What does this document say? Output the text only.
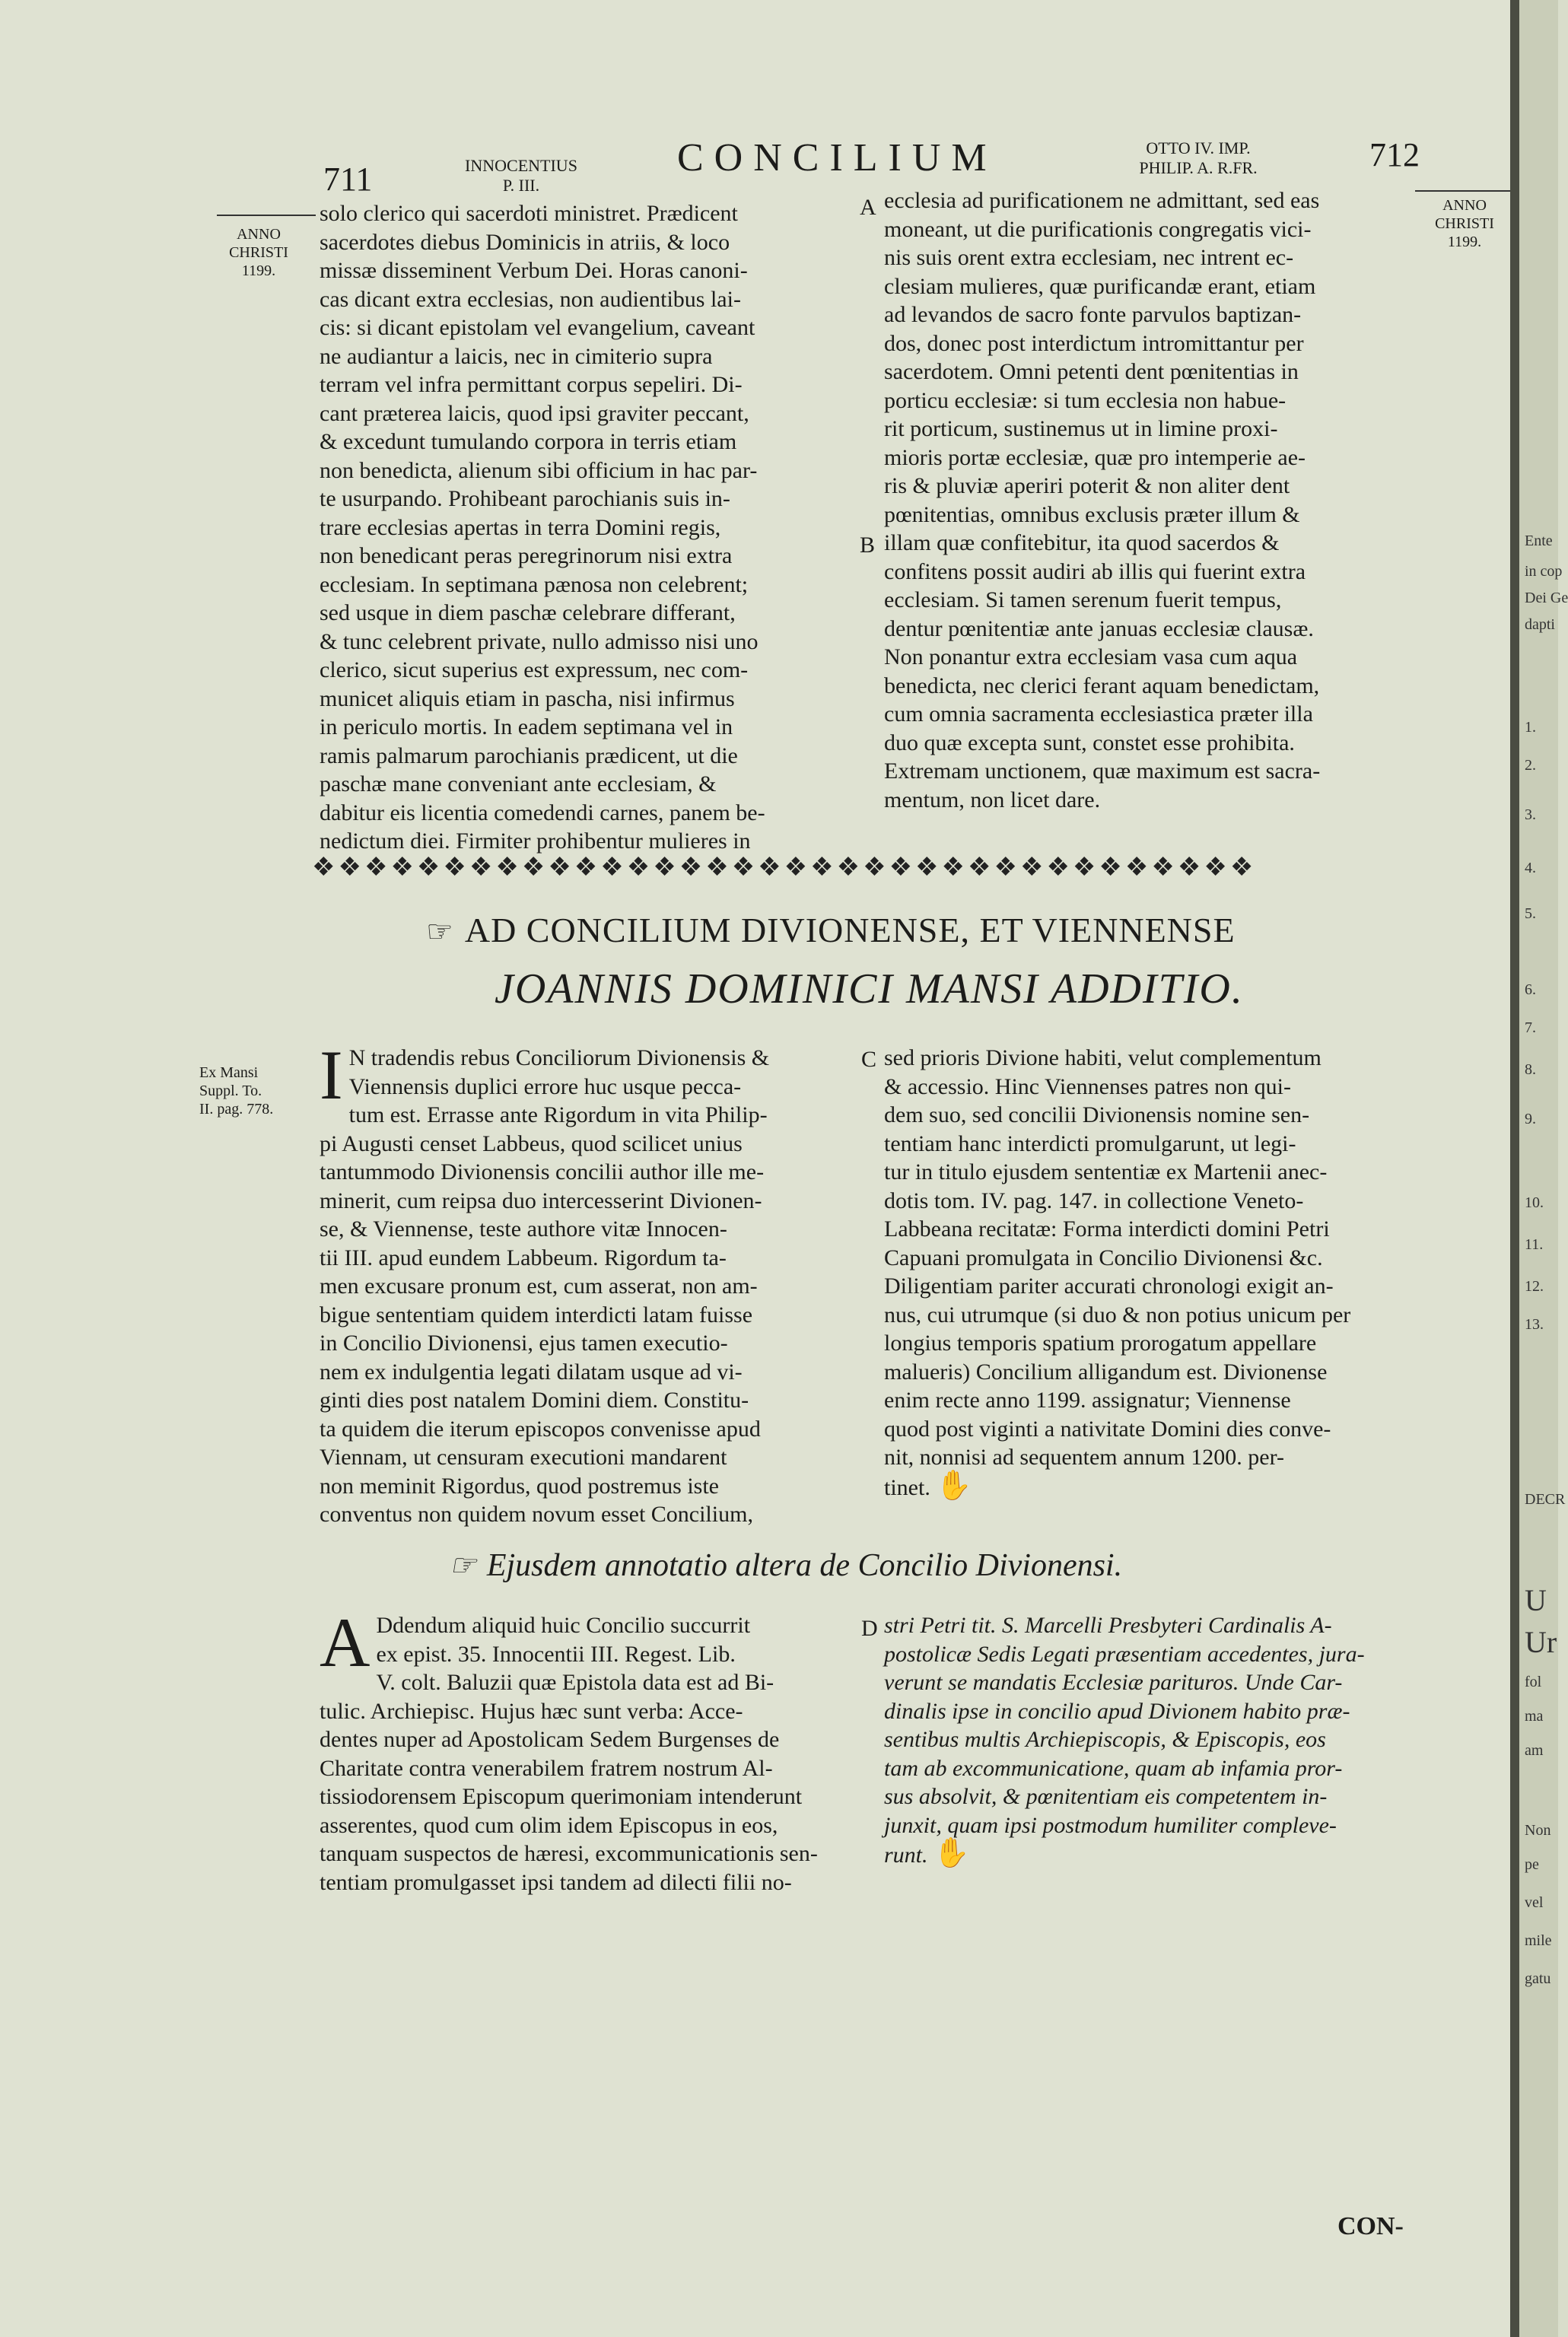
711	INNOCENTIUS
P. III.
CONCILIUM	OTTO IV. IMP.
PHILIP. A. R.FR.	712
ANNO
CHRISTI
1199.
ANNO
CHRISTI
1199.
solo clerico qui sacerdoti ministret. Prædicent
sacerdotes diebus Dominicis in atriis, & loco
missæ disseminent Verbum Dei. Horas canoni-
cas dicant extra ecclesias, non audientibus lai-
cis: si dicant epistolam vel evangelium, caveant
ne audiantur a laicis, nec in cimiterio supra
terram vel infra permittant corpus sepeliri. Di-
cant præterea laicis, quod ipsi graviter peccant,
& excedunt tumulando corpora in terris etiam
non benedicta, alienum sibi officium in hac par-
te usurpando. Prohibeant parochianis suis in-
trare ecclesias apertas in terra Domini regis,
non benedicant peras peregrinorum nisi extra
ecclesiam. In septimana pænosa non celebrent;
sed usque in diem paschæ celebrare differant,
& tunc celebrent private, nullo admisso nisi uno
clerico, sicut superius est expressum, nec com-
municet aliquis etiam in pascha, nisi infirmus
in periculo mortis. In eadem septimana vel in
ramis palmarum parochianis prædicent, ut die
paschæ mane conveniant ante ecclesiam, &
dabitur eis licentia comedendi carnes, panem be-
nedictum diei. Firmiter prohibentur mulieres in
ecclesia ad purificationem ne admittant, sed eas
moneant, ut die purificationis congregatis vici-
nis suis orent extra ecclesiam, nec intrent ec-
clesiam mulieres, quæ purificandæ erant, etiam
ad levandos de sacro fonte parvulos baptizan-
dos, donec post interdictum intromittantur per
sacerdotem. Omni petenti dent pœnitentias in
porticu ecclesiæ: si tum ecclesia non habue-
rit porticum, sustinemus ut in limine proxi-
mioris portæ ecclesiæ, quæ pro intemperie ae-
ris & pluviæ aperiri poterit & non aliter dent
pœnitentias, omnibus exclusis præter illum &
illam quæ confitebitur, ita quod sacerdos &
confitens possit audiri ab illis qui fuerint extra
ecclesiam. Si tamen serenum fuerit tempus,
dentur pœnitentiæ ante januas ecclesiæ clausæ.
Non ponantur extra ecclesiam vasa cum aqua
benedicta, nec clerici ferant aquam benedictam,
cum omnia sacramenta ecclesiastica præter illa
duo quæ excepta sunt, constet esse prohibita.
Extremam unctionem, quæ maximum est sacra-
mentum, non licet dare.
A
B
❖❖❖❖❖❖❖❖❖❖❖❖❖❖❖❖❖❖❖❖❖❖❖❖❖❖❖❖❖❖❖❖❖❖❖❖
☞ AD CONCILIUM DIVIONENSE, ET VIENNENSE
JOANNIS DOMINICI MANSI ADDITIO.
Ex Mansi
Suppl. To.
II. pag. 778. I N tradendis rebus Conciliorum Divionensis &
Viennensis duplici errore huc usque pecca-
tum est. Errasse ante Rigordum in vita Philip-
pi Augusti censet Labbeus, quod scilicet unius
tantummodo Divionensis concilii author ille me-
minerit, cum reipsa duo intercesserint Divionen-
se, & Viennense, teste authore vitæ Innocen-
tii III. apud eundem Labbeum. Rigordum ta-
men excusare pronum est, cum asserat, non am-
bigue sententiam quidem interdicti latam fuisse
in Concilio Divionensi, ejus tamen executio-
nem ex indulgentia legati dilatam usque ad vi-
ginti dies post natalem Domini diem. Constitu-
ta quidem die iterum episcopos convenisse apud
Viennam, ut censuram executioni mandarent
non meminit Rigordus, quod postremus iste
conventus non quidem novum esset Concilium,
C sed prioris Divione habiti, velut complementum
& accessio. Hinc Viennenses patres non qui-
dem suo, sed concilii Divionensis nomine sen-
tentiam hanc interdicti promulgarunt, ut legi-
tur in titulo ejusdem sententiæ ex Martenii anec-
dotis tom. IV. pag. 147. in collectione Veneto-
Labbeana recitatæ: Forma interdicti domini Petri
Capuani promulgata in Concilio Divionensi &c.
Diligentiam pariter accurati chronologi exigit an-
nus, cui utrumque (si duo & non potius unicum per
longius temporis spatium prorogatum appellare
malueris) Concilium alligandum est. Divionense
enim recte anno 1199. assignatur; Viennense
quod post viginti a nativitate Domini dies conve-
nit, nonnisi ad sequentem annum 1200. per-
tinet. ✋
☞ Ejusdem annotatio altera de Concilio Divionensi.
A Ddendum aliquid huic Concilio succurrit
ex epist. 35. Innocentii III. Regest. Lib.
V. colt. Baluzii quæ Epistola data est ad Bi-
tulic. Archiepisc. Hujus hæc sunt verba: Acce-
dentes nuper ad Apostolicam Sedem Burgenses de
Charitate contra venerabilem fratrem nostrum Al-
tissiodorensem Episcopum querimoniam intenderunt
asserentes, quod cum olim idem Episcopus in eos,
tanquam suspectos de hæresi, excommunicationis sen-
tentiam promulgasset ipsi tandem ad dilecti filii no-
D stri Petri tit. S. Marcelli Presbyteri Cardinalis A-
postolicæ Sedis Legati præsentiam accedentes, jura-
verunt se mandatis Ecclesiæ parituros. Unde Car-
dinalis ipse in concilio apud Divionem habito præ-
sentibus multis Archiepiscopis, & Episcopis, eos
tam ab excommunicatione, quam ab infamia pror-
sus absolvit, & pœnitentiam eis competentem in-
junxit, quam ipsi postmodum humiliter compleve-
runt. ✋
CON-
Ente
in cop
Dei Ge
dapti
1.
2.
3.
4.
5.
6.
7.
8.
9.
10.
11.
12.
13.
DECR
U
Ur
fol
ma
am
Non
pe
vel
mile
gatu
